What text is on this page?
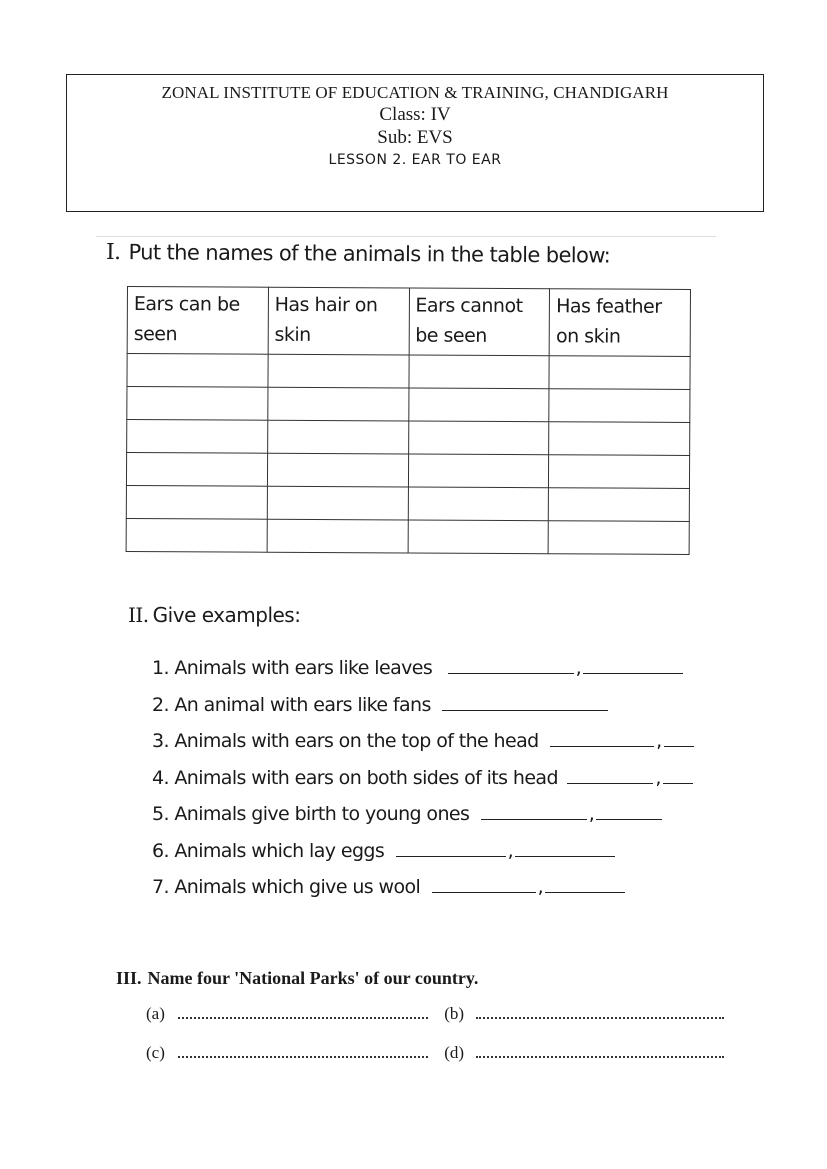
ZONAL INSTITUTE OF EDUCATION & TRAINING, CHANDIGARH
Class: IV
Sub: EVS
LESSON 2. EAR TO EAR
I. Put the names of the animals in the table below:
Ears can be seen	Has hair on skin	Ears cannot be seen	Has feather on skin

II. Give examples:
1. Animals with ears like leaves	,
2. An animal with ears like fans
3. Animals with ears on the top of the head	,
4. Animals with ears on both sides of its head	,
5. Animals give birth to young ones	,
6. Animals which lay eggs	,
7. Animals which give us wool	,
III. Name four 'National Parks' of our country.
(a)	(b)
(c)	(d)
